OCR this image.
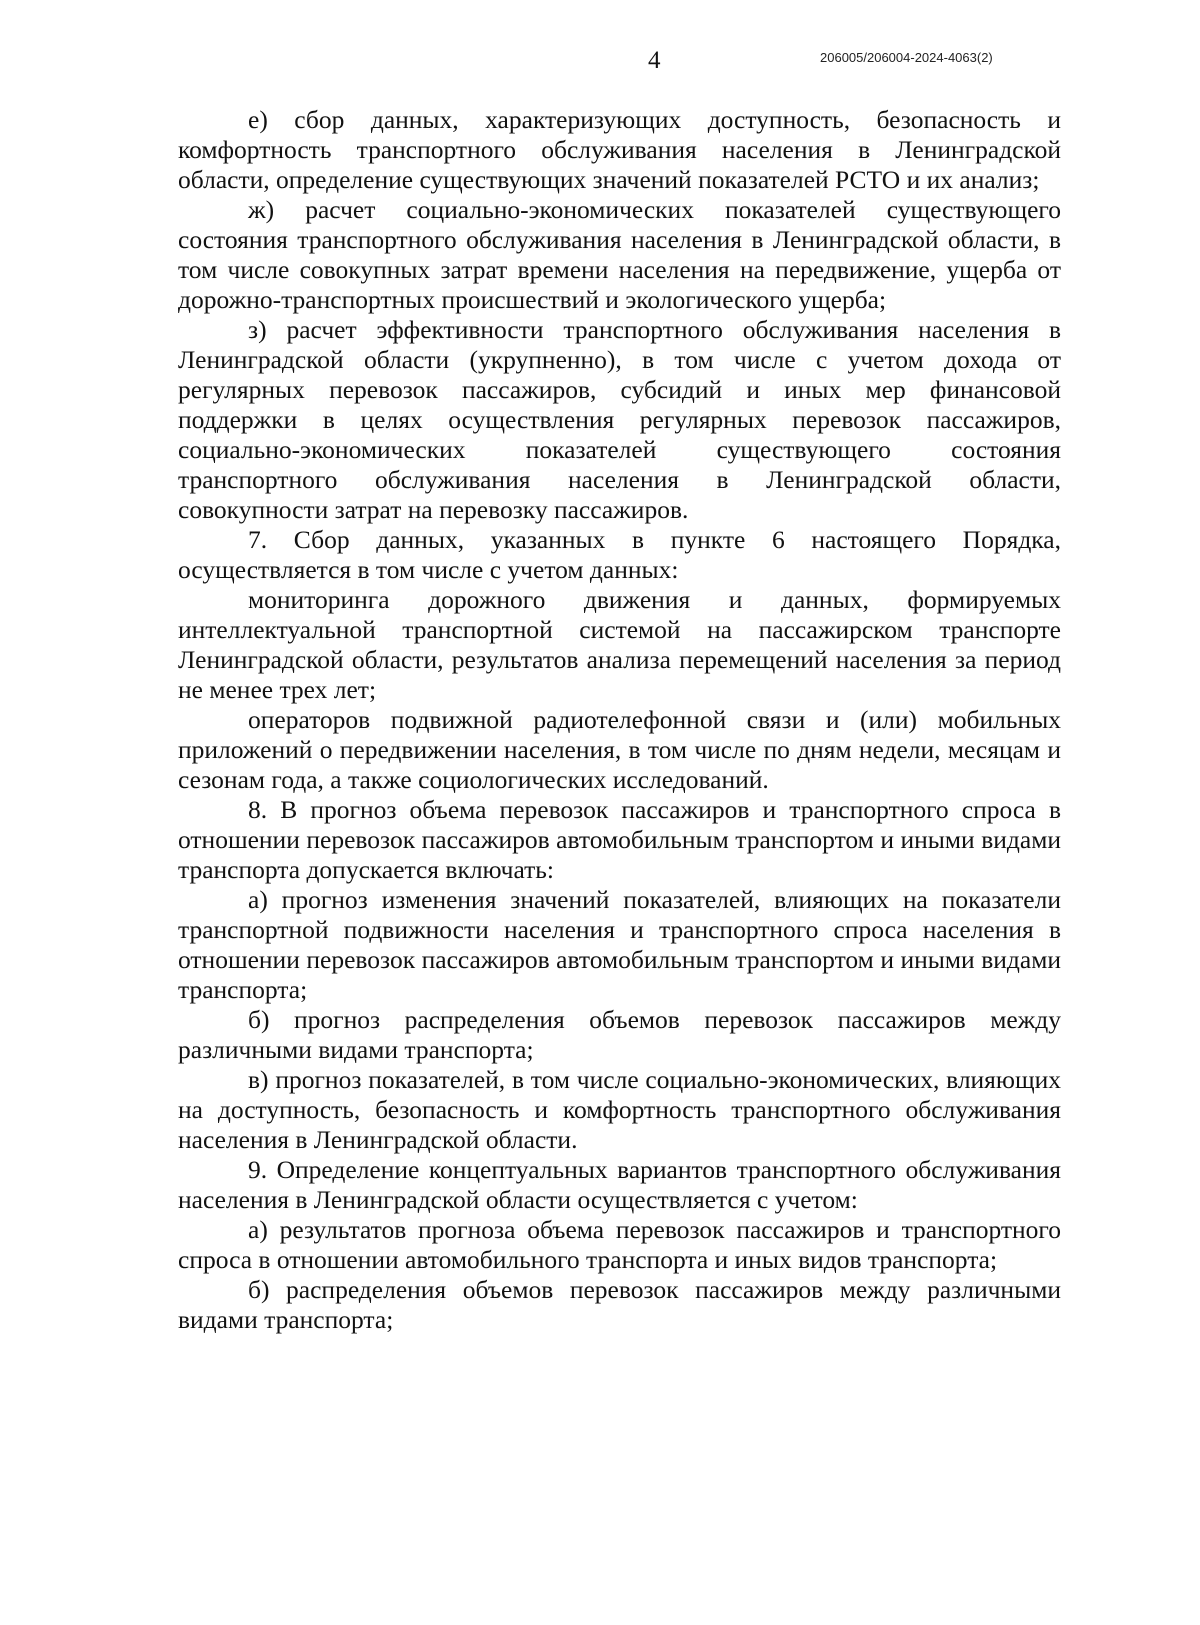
4	206005/206004-2024-4063(2)

е) сбор данных, характеризующих доступность, безопасность и комфортность транспортного обслуживания населения в Ленинградской области, определение существующих значений показателей РСТО и их анализ;

ж) расчет социально-экономических показателей существующего состояния транспортного обслуживания населения в Ленинградской области, в том числе совокупных затрат времени населения на передвижение, ущерба от дорожно-транспортных происшествий и экологического ущерба;

з) расчет эффективности транспортного обслуживания населения в Ленинградской области (укрупненно), в том числе с учетом дохода от регулярных перевозок пассажиров, субсидий и иных мер финансовой поддержки в целях осуществления регулярных перевозок пассажиров, социально-экономических показателей существующего состояния транспортного обслуживания населения в Ленинградской области, совокупности затрат на перевозку пассажиров.

7. Сбор данных, указанных в пункте 6 настоящего Порядка, осуществляется в том числе с учетом данных:

мониторинга дорожного движения и данных, формируемых интеллектуальной транспортной системой на пассажирском транспорте Ленинградской области, результатов анализа перемещений населения за период не менее трех лет;

операторов подвижной радиотелефонной связи и (или) мобильных приложений о передвижении населения, в том числе по дням недели, месяцам и сезонам года, а также социологических исследований.

8. В прогноз объема перевозок пассажиров и транспортного спроса в отношении перевозок пассажиров автомобильным транспортом и иными видами транспорта допускается включать:

а) прогноз изменения значений показателей, влияющих на показатели транспортной подвижности населения и транспортного спроса населения в отношении перевозок пассажиров автомобильным транспортом и иными видами транспорта;

б) прогноз распределения объемов перевозок пассажиров между различными видами транспорта;

в) прогноз показателей, в том числе социально-экономических, влияющих на доступность, безопасность и комфортность транспортного обслуживания населения в Ленинградской области.

9. Определение концептуальных вариантов транспортного обслуживания населения в Ленинградской области осуществляется с учетом:

а) результатов прогноза объема перевозок пассажиров и транспортного спроса в отношении автомобильного транспорта и иных видов транспорта;

б) распределения объемов перевозок пассажиров между различными видами транспорта;
